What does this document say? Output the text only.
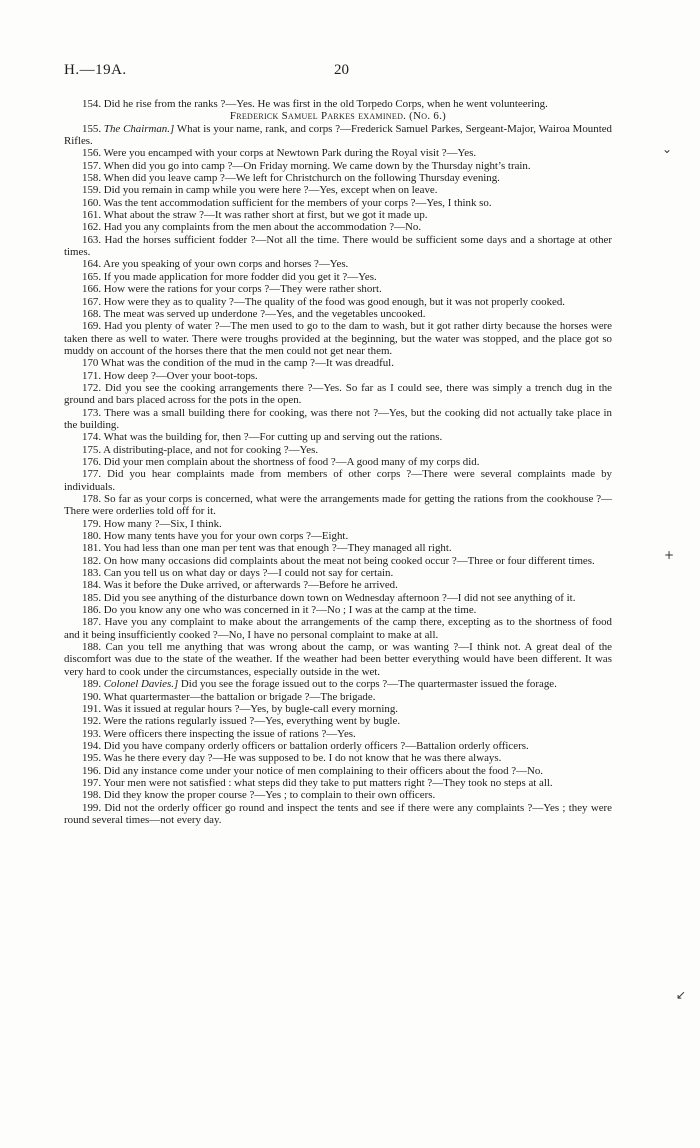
H.—19A.	20

154. Did he rise from the ranks ?—Yes. He was first in the old Torpedo Corps, when he went volunteering.

Frederick Samuel Parkes examined. (No. 6.)

155. The Chairman.] What is your name, rank, and corps ?—Frederick Samuel Parkes, Sergeant-Major, Wairoa Mounted Rifles.

156. Were you encamped with your corps at Newtown Park during the Royal visit ?—Yes.

157. When did you go into camp ?—On Friday morning. We came down by the Thursday night’s train.

158. When did you leave camp ?—We left for Christchurch on the following Thursday evening.

159. Did you remain in camp while you were here ?—Yes, except when on leave.

160. Was the tent accommodation sufficient for the members of your corps ?—Yes, I think so.

161. What about the straw ?—It was rather short at first, but we got it made up.

162. Had you any complaints from the men about the accommodation ?—No.

163. Had the horses sufficient fodder ?—Not all the time. There would be sufficient some days and a shortage at other times.

164. Are you speaking of your own corps and horses ?—Yes.

165. If you made application for more fodder did you get it ?—Yes.

166. How were the rations for your corps ?—They were rather short.

167. How were they as to quality ?—The quality of the food was good enough, but it was not properly cooked.

168. The meat was served up underdone ?—Yes, and the vegetables uncooked.

169. Had you plenty of water ?—The men used to go to the dam to wash, but it got rather dirty because the horses were taken there as well to water. There were troughs provided at the beginning, but the water was stopped, and the place got so muddy on account of the horses there that the men could not get near them.

170 What was the condition of the mud in the camp ?—It was dreadful.

171. How deep ?—Over your boot-tops.

172. Did you see the cooking arrangements there ?—Yes. So far as I could see, there was simply a trench dug in the ground and bars placed across for the pots in the open.

173. There was a small building there for cooking, was there not ?—Yes, but the cooking did not actually take place in the building.

174. What was the building for, then ?—For cutting up and serving out the rations.

175. A distributing-place, and not for cooking ?—Yes.

176. Did your men complain about the shortness of food ?—A good many of my corps did.

177. Did you hear complaints made from members of other corps ?—There were several complaints made by individuals.

178. So far as your corps is concerned, what were the arrangements made for getting the rations from the cookhouse ?—There were orderlies told off for it.

179. How many ?—Six, I think.

180. How many tents have you for your own corps ?—Eight.

181. You had less than one man per tent was that enough ?—They managed all right.

182. On how many occasions did complaints about the meat not being cooked occur ?—Three or four different times.

183. Can you tell us on what day or days ?—I could not say for certain.

184. Was it before the Duke arrived, or afterwards ?—Before he arrived.

185. Did you see anything of the disturbance down town on Wednesday afternoon ?—I did not see anything of it.

186. Do you know any one who was concerned in it ?—No ; I was at the camp at the time.

187. Have you any complaint to make about the arrangements of the camp there, excepting as to the shortness of food and it being insufficiently cooked ?—No, I have no personal complaint to make at all.

188. Can you tell me anything that was wrong about the camp, or was wanting ?—I think not. A great deal of the discomfort was due to the state of the weather. If the weather had been better everything would have been different. It was very hard to cook under the circumstances, especially outside in the wet.

189. Colonel Davies.] Did you see the forage issued out to the corps ?—The quartermaster issued the forage.

190. What quartermaster—the battalion or brigade ?—The brigade.

191. Was it issued at regular hours ?—Yes, by bugle-call every morning.

192. Were the rations regularly issued ?—Yes, everything went by bugle.

193. Were officers there inspecting the issue of rations ?—Yes.

194. Did you have company orderly officers or battalion orderly officers ?—Battalion orderly officers.

195. Was he there every day ?—He was supposed to be. I do not know that he was there always.

196. Did any instance come under your notice of men complaining to their officers about the food ?—No.

197. Your men were not satisfied : what steps did they take to put matters right ?—They took no steps at all.

198. Did they know the proper course ?—Yes ; to complain to their own officers.

199. Did not the orderly officer go round and inspect the tents and see if there were any complaints ?—Yes ; they were round several times—not every day.

⌄
+
↙
